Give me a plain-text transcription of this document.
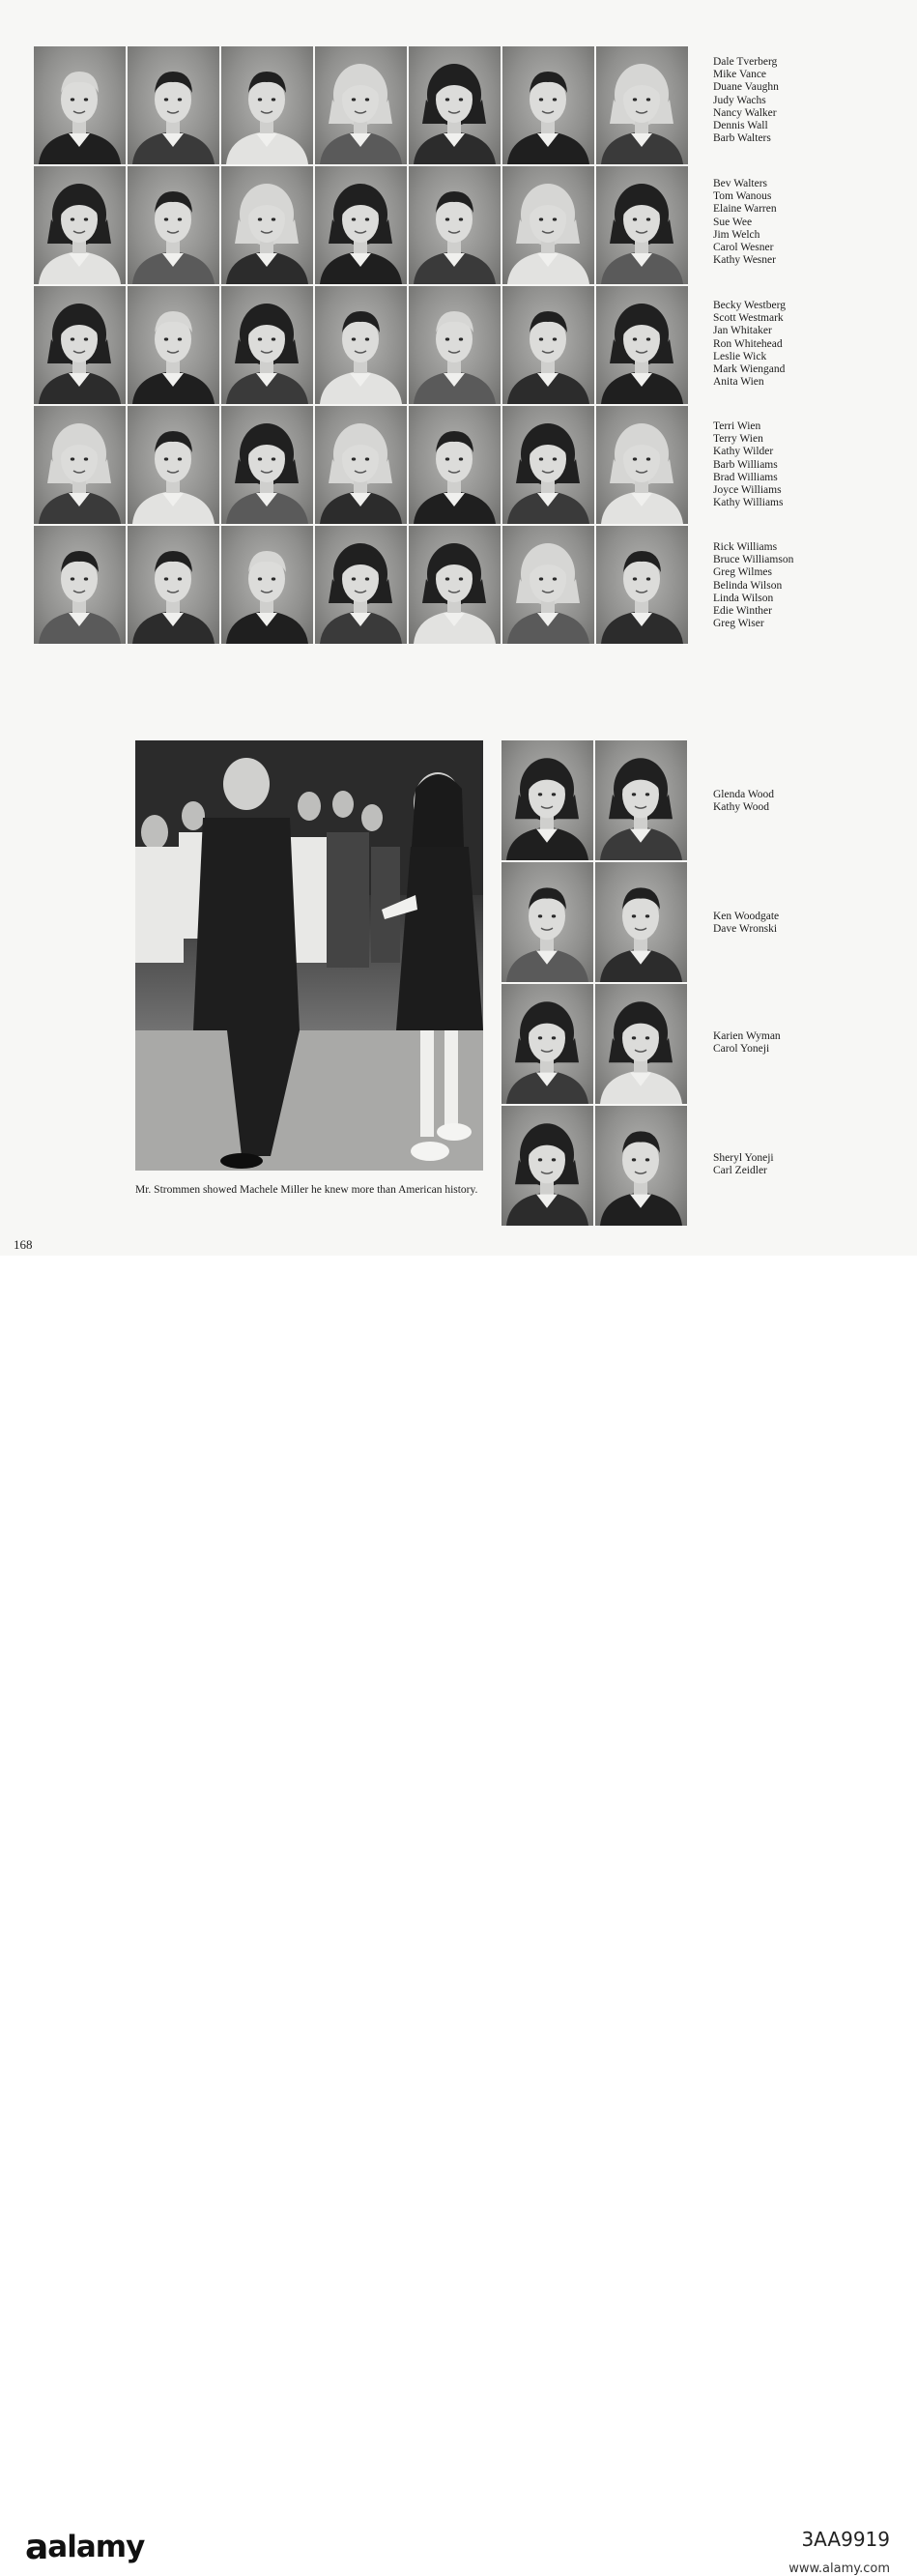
Dale Tverberg
Mike Vance
Duane Vaughn
Judy Wachs
Nancy Walker
Dennis Wall
Barb Walters
Bev Walters
Tom Wanous
Elaine Warren
Sue Wee
Jim Welch
Carol Wesner
Kathy Wesner
Becky Westberg
Scott Westmark
Jan Whitaker
Ron Whitehead
Leslie Wick
Mark Wiengand
Anita Wien
Terri Wien
Terry Wien
Kathy Wilder
Barb Williams
Brad Williams
Joyce Williams
Kathy Williams
Rick Williams
Bruce Williamson
Greg Wilmes
Belinda Wilson
Linda Wilson
Edie Winther
Greg Wiser
Mr. Strommen showed Machele Miller he knew more than American history.
Glenda Wood
Kathy Wood
Ken Woodgate
Dave Wronski
Karien Wyman
Carol Yoneji
Sheryl Yoneji
Carl Zeidler
168
aalamy	3AA9919
www.alamy.com
